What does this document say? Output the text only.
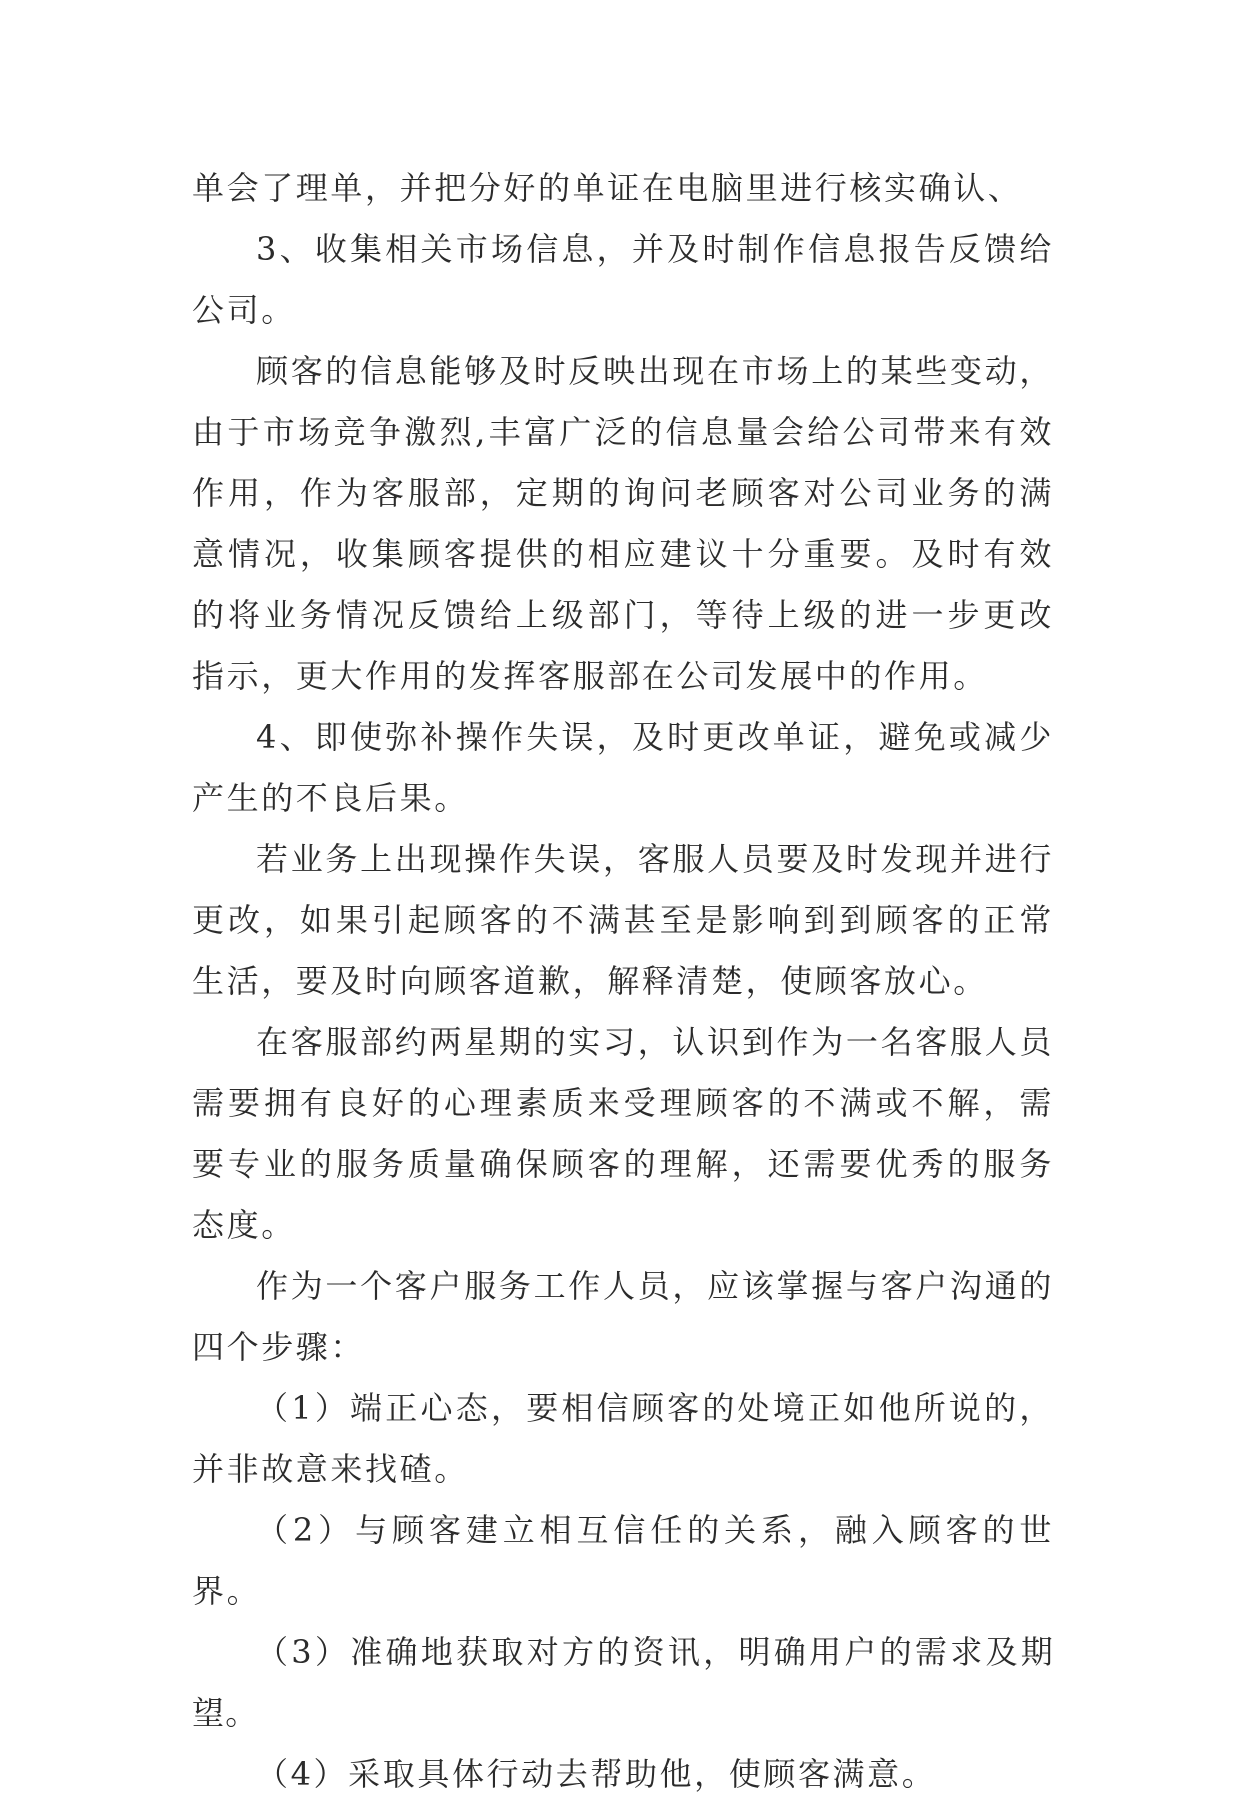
单会了理单，并把分好的单证在电脑里进行核实确认、

3、收集相关市场信息，并及时制作信息报告反馈给公司。

顾客的信息能够及时反映出现在市场上的某些变动，由于市场竞争激烈,丰富广泛的信息量会给公司带来有效作用，作为客服部，定期的询问老顾客对公司业务的满意情况，收集顾客提供的相应建议十分重要。及时有效的将业务情况反馈给上级部门，等待上级的进一步更改指示，更大作用的发挥客服部在公司发展中的作用。

4、即使弥补操作失误，及时更改单证，避免或减少产生的不良后果。

若业务上出现操作失误，客服人员要及时发现并进行更改，如果引起顾客的不满甚至是影响到到顾客的正常生活，要及时向顾客道歉，解释清楚，使顾客放心。

在客服部约两星期的实习，认识到作为一名客服人员需要拥有良好的心理素质来受理顾客的不满或不解，需要专业的服务质量确保顾客的理解，还需要优秀的服务态度。

作为一个客户服务工作人员，应该掌握与客户沟通的四个步骤：

（1）端正心态，要相信顾客的处境正如他所说的，并非故意来找碴。

（2）与顾客建立相互信任的关系，融入顾客的世界。

（3）准确地获取对方的资讯，明确用户的需求及期望。

（4）采取具体行动去帮助他，使顾客满意。
